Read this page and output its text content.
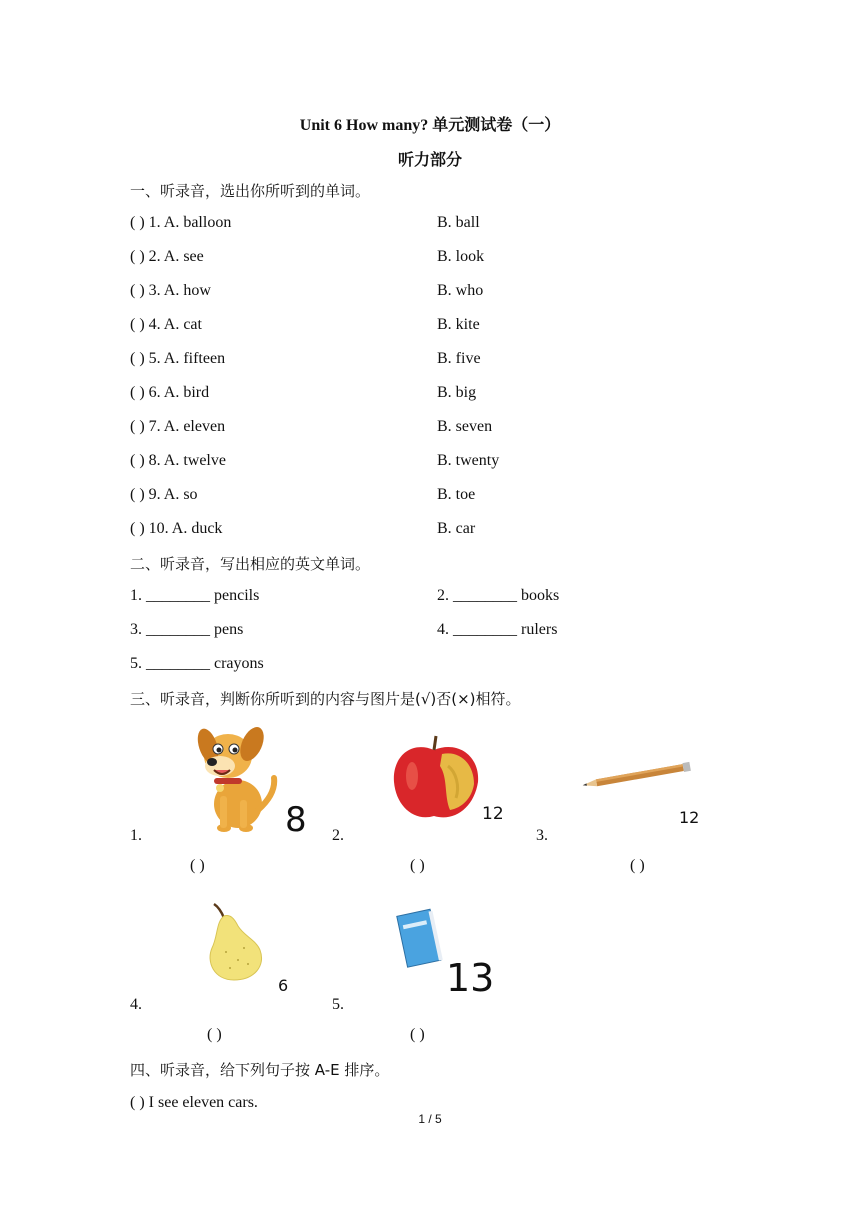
Unit 6 How many? 单元测试卷（一）
听力部分
一、听录音，选出你所听到的单词。
( ) 1. A. balloon	B. ball
( ) 2. A. see	B. look
( ) 3. A. how	B. who
( ) 4. A. cat	B. kite
( ) 5. A. fifteen	B. five
( ) 6. A. bird	B. big
( ) 7. A. eleven	B. seven
( ) 8. A. twelve	B. twenty
( ) 9. A. so	B. toe
( ) 10. A. duck	B. car
二、听录音，写出相应的英文单词。
1. ________ pencils	2. ________ books
3. ________ pens	4. ________ rulers
5. ________ crayons
三、听录音，判断你所听到的内容与图片是(√)否(×)相符。
1.	8
( )
2.
12
( )
3.
12
( )
4.
6
( )
5.
13
( )
四、听录音，给下列句子按 A-E 排序。
( ) I see eleven cars.
1 / 5
